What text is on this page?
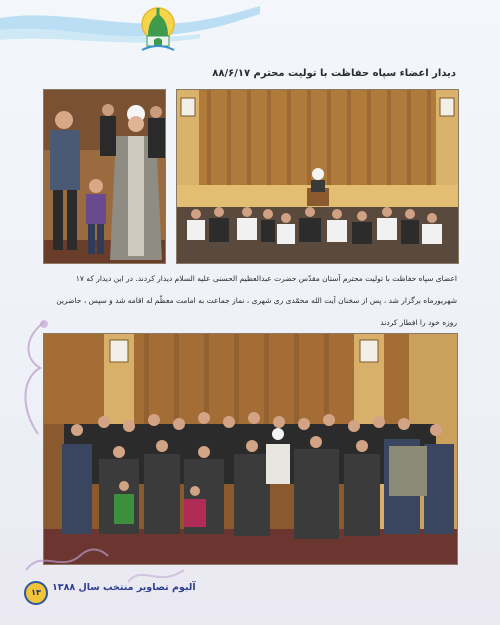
دیدار اعضاء سپاه حفاظت با تولیت محترم ۸۸/۶/۱۷

اعضای سپاه حفاظت با تولیت محترم آستان مقدّس حضرت عبدالعظیم الحسنی علیه السلام دیدار کردند. در این دیدار که ۱۷ شهریورماه برگزار شد ، پس از سخنان آیت الله محمّدی ری شهری ، نماز جماعت به امامت معظّم له اقامه شد و سپس ، حاضرین روزه خود را افطار کردند

۱۳	آلبوم تصاویر منتخب سال ۱۳۸۸
